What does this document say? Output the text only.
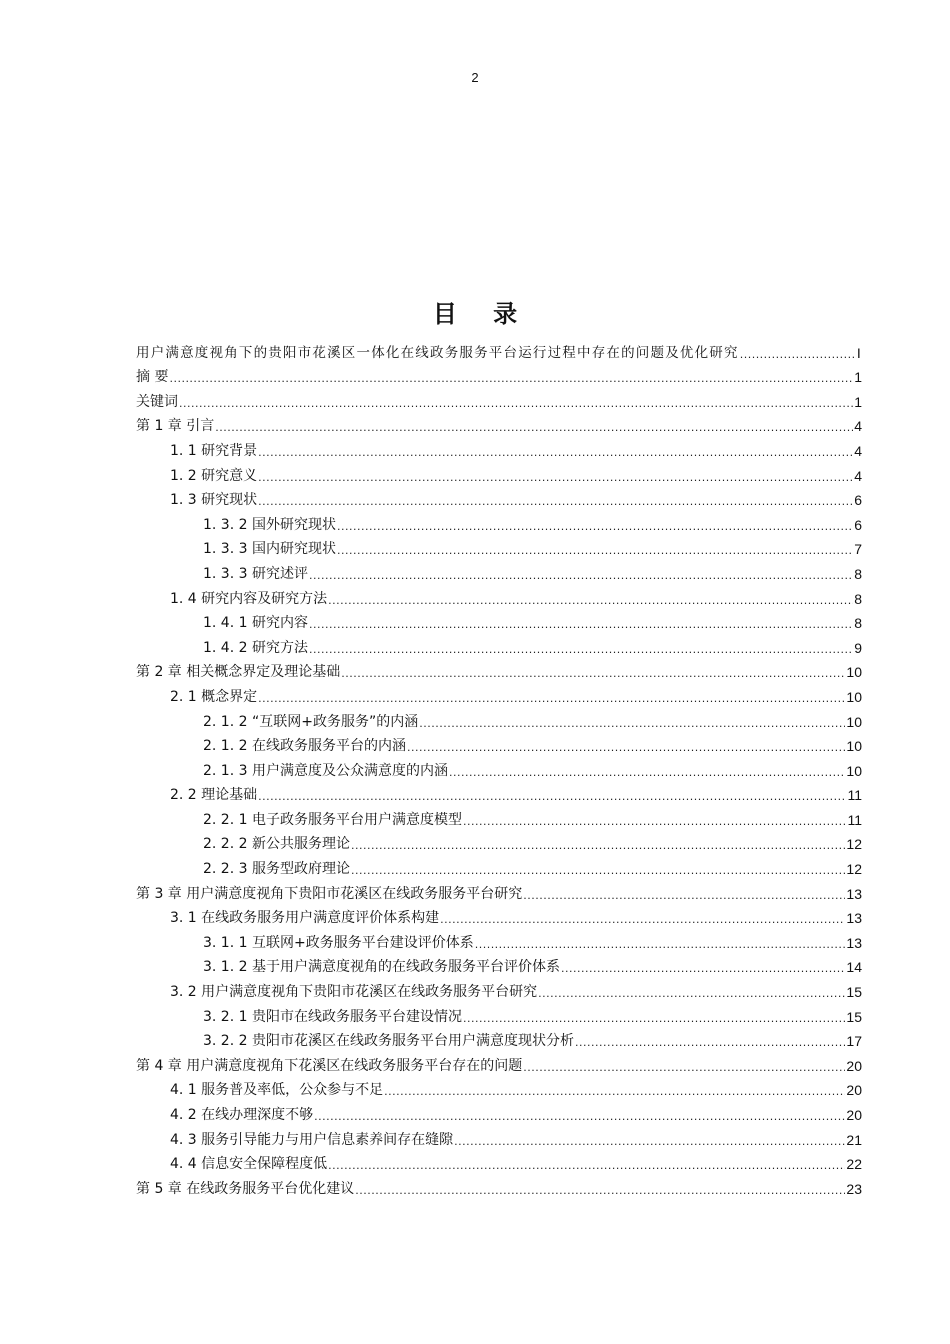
2
目 录
用户满意度视角下的贵阳市花溪区一体化在线政务服务平台运行过程中存在的问题及优化研究 .....	I
摘 要 .....	1
关键词 .....	1
第 1 章 引言 .....	4
1. 1 研究背景 .....	4
1. 2 研究意义 .....	4
1. 3 研究现状 .....	6
1. 3. 2 国外研究现状 .....	6
1. 3. 3 国内研究现状 .....	7
1. 3. 3 研究述评 .....	8
1. 4 研究内容及研究方法 .....	8
1. 4. 1 研究内容 .....	8
1. 4. 2 研究方法 .....	9
第 2 章 相关概念界定及理论基础 .....	10
2. 1 概念界定 .....	10
2. 1. 2 “互联网+政务服务”的内涵 .....	10
2. 1. 2 在线政务服务平台的内涵 .....	10
2. 1. 3 用户满意度及公众满意度的内涵 .....	10
2. 2 理论基础 .....	11
2. 2. 1 电子政务服务平台用户满意度模型 .....	11
2. 2. 2 新公共服务理论 .....	12
2. 2. 3 服务型政府理论 .....	12
第 3 章 用户满意度视角下贵阳市花溪区在线政务服务平台研究 .....	13
3. 1 在线政务服务用户满意度评价体系构建 .....	13
3. 1. 1 互联网+政务服务平台建设评价体系 .....	13
3. 1. 2 基于用户满意度视角的在线政务服务平台评价体系 .....	14
3. 2 用户满意度视角下贵阳市花溪区在线政务服务平台研究 .....	15
3. 2. 1 贵阳市在线政务服务平台建设情况 .....	15
3. 2. 2 贵阳市花溪区在线政务服务平台用户满意度现状分析 .....	17
第 4 章 用户满意度视角下花溪区在线政务服务平台存在的问题 .....	20
4. 1 服务普及率低，公众参与不足 .....	20
4. 2 在线办理深度不够 .....	20
4. 3 服务引导能力与用户信息素养间存在缝隙 .....	21
4. 4 信息安全保障程度低 .....	22
第 5 章 在线政务服务平台优化建议 .....	23
